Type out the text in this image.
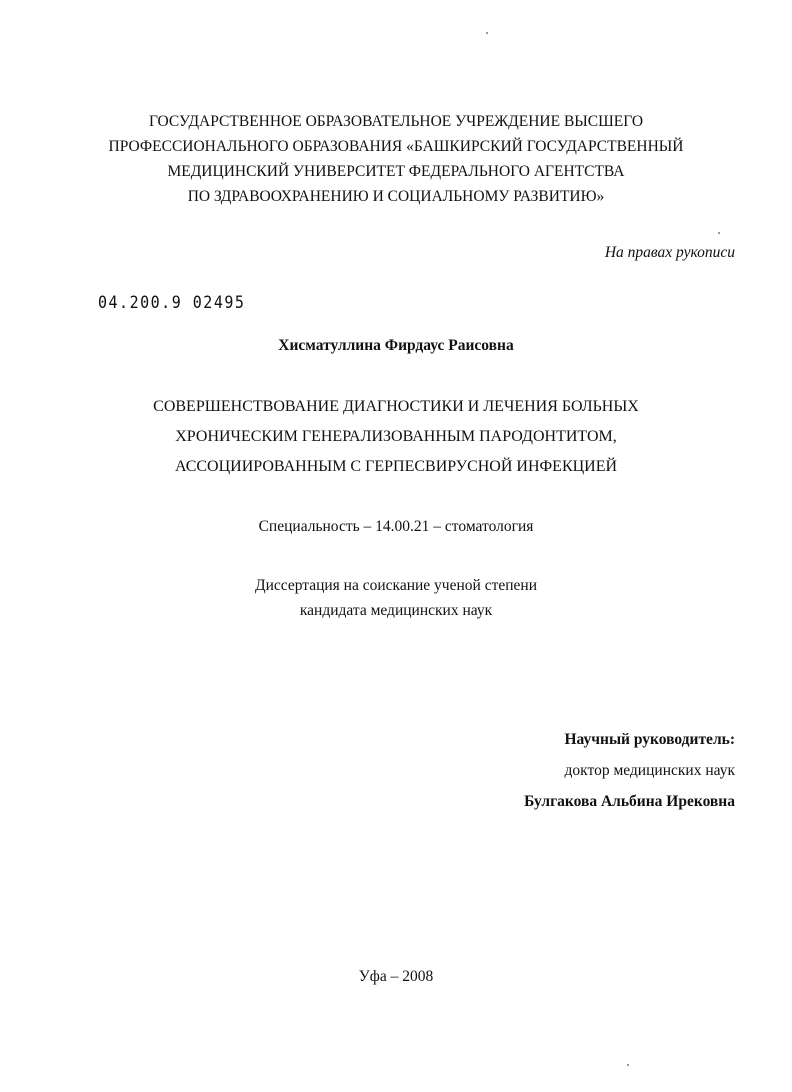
ГОСУДАРСТВЕННОЕ ОБРАЗОВАТЕЛЬНОЕ УЧРЕЖДЕНИЕ ВЫСШЕГО
ПРОФЕССИОНАЛЬНОГО ОБРАЗОВАНИЯ «БАШКИРСКИЙ ГОСУДАРСТВЕННЫЙ
МЕДИЦИНСКИЙ УНИВЕРСИТЕТ ФЕДЕРАЛЬНОГО АГЕНТСТВА
ПО ЗДРАВООХРАНЕНИЮ И СОЦИАЛЬНОМУ РАЗВИТИЮ»
На правах рукописи
04.200.9 02495
Хисматуллина Фирдаус Раисовна
СОВЕРШЕНСТВОВАНИЕ ДИАГНОСТИКИ И ЛЕЧЕНИЯ БОЛЬНЫХ
ХРОНИЧЕСКИМ ГЕНЕРАЛИЗОВАННЫМ ПАРОДОНТИТОМ,
АССОЦИИРОВАННЫМ С ГЕРПЕСВИРУСНОЙ ИНФЕКЦИЕЙ
Специальность – 14.00.21 – стоматология
Диссертация на соискание ученой степени
кандидата медицинских наук
Научный руководитель:
доктор медицинских наук
Булгакова Альбина Ирековна
Уфа – 2008
